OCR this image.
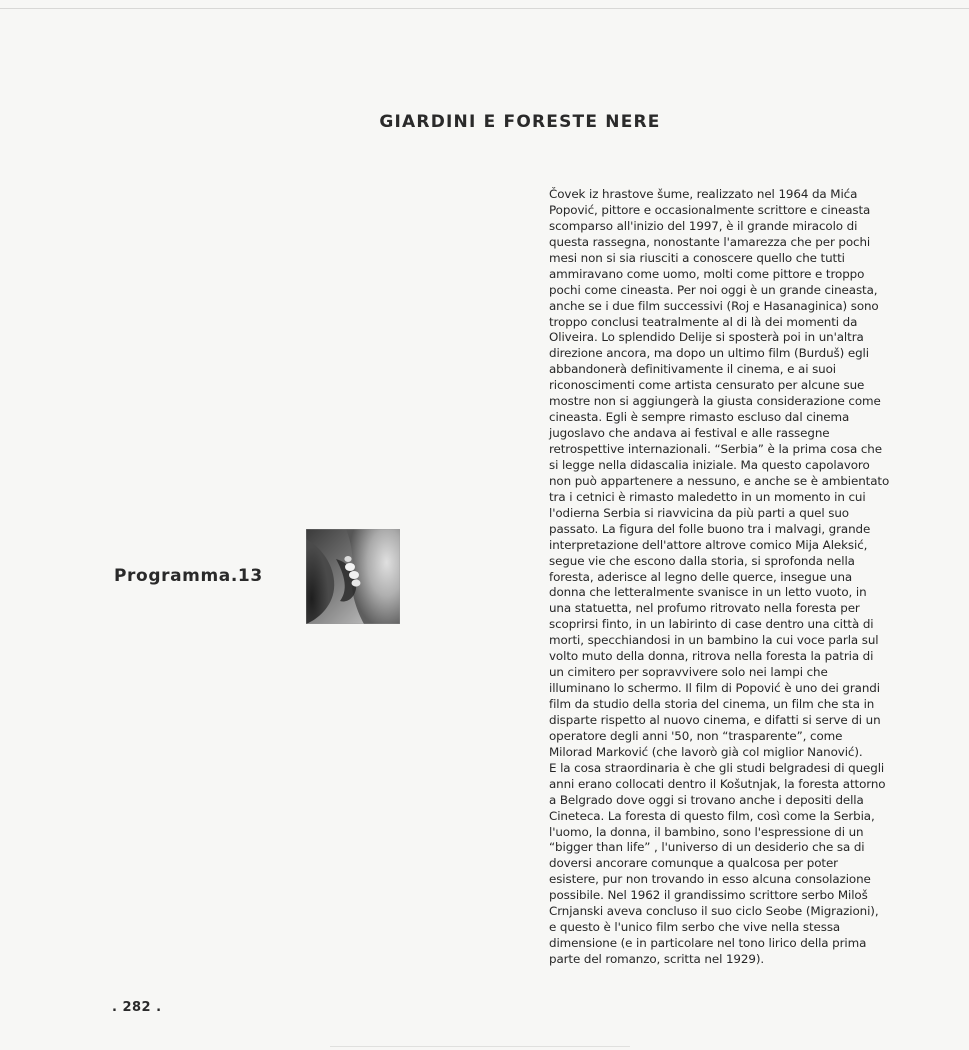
GIARDINI E FORESTE NERE
Programma.13
Čovek iz hrastove šume, realizzato nel 1964 da Mića
Popović, pittore e occasionalmente scrittore e cineasta
scomparso all'inizio del 1997, è il grande miracolo di
questa rassegna, nonostante l'amarezza che per pochi
mesi non si sia riusciti a conoscere quello che tutti
ammiravano come uomo, molti come pittore e troppo
pochi come cineasta. Per noi oggi è un grande cineasta,
anche se i due film successivi (Roj e Hasanaginica) sono
troppo conclusi teatralmente al di là dei momenti da
Oliveira. Lo splendido Delije si sposterà poi in un'altra
direzione ancora, ma dopo un ultimo film (Burduš) egli
abbandonerà definitivamente il cinema, e ai suoi
riconoscimenti come artista censurato per alcune sue
mostre non si aggiungerà la giusta considerazione come
cineasta. Egli è sempre rimasto escluso dal cinema
jugoslavo che andava ai festival e alle rassegne
retrospettive internazionali. “Serbia” è la prima cosa che
si legge nella didascalia iniziale. Ma questo capolavoro
non può appartenere a nessuno, e anche se è ambientato
tra i cetnici è rimasto maledetto in un momento in cui
l'odierna Serbia si riavvicina da più parti a quel suo
passato. La figura del folle buono tra i malvagi, grande
interpretazione dell'attore altrove comico Mija Aleksić,
segue vie che escono dalla storia, si sprofonda nella
foresta, aderisce al legno delle querce, insegue una
donna che letteralmente svanisce in un letto vuoto, in
una statuetta, nel profumo ritrovato nella foresta per
scoprirsi finto, in un labirinto di case dentro una città di
morti, specchiandosi in un bambino la cui voce parla sul
volto muto della donna, ritrova nella foresta la patria di
un cimitero per sopravvivere solo nei lampi che
illuminano lo schermo. Il film di Popović è uno dei grandi
film da studio della storia del cinema, un film che sta in
disparte rispetto al nuovo cinema, e difatti si serve di un
operatore degli anni '50, non “trasparente”, come
Milorad Marković (che lavorò già col miglior Nanović).
E la cosa straordinaria è che gli studi belgradesi di quegli
anni erano collocati dentro il Košutnjak, la foresta attorno
a Belgrado dove oggi si trovano anche i depositi della
Cineteca. La foresta di questo film, così come la Serbia,
l'uomo, la donna, il bambino, sono l'espressione di un
“bigger than life” , l'universo di un desiderio che sa di
doversi ancorare comunque a qualcosa per poter
esistere, pur non trovando in esso alcuna consolazione
possibile. Nel 1962 il grandissimo scrittore serbo Miloš
Crnjanski aveva concluso il suo ciclo Seobe (Migrazioni),
e questo è l'unico film serbo che vive nella stessa
dimensione (e in particolare nel tono lirico della prima
parte del romanzo, scritta nel 1929).
. 282 .
